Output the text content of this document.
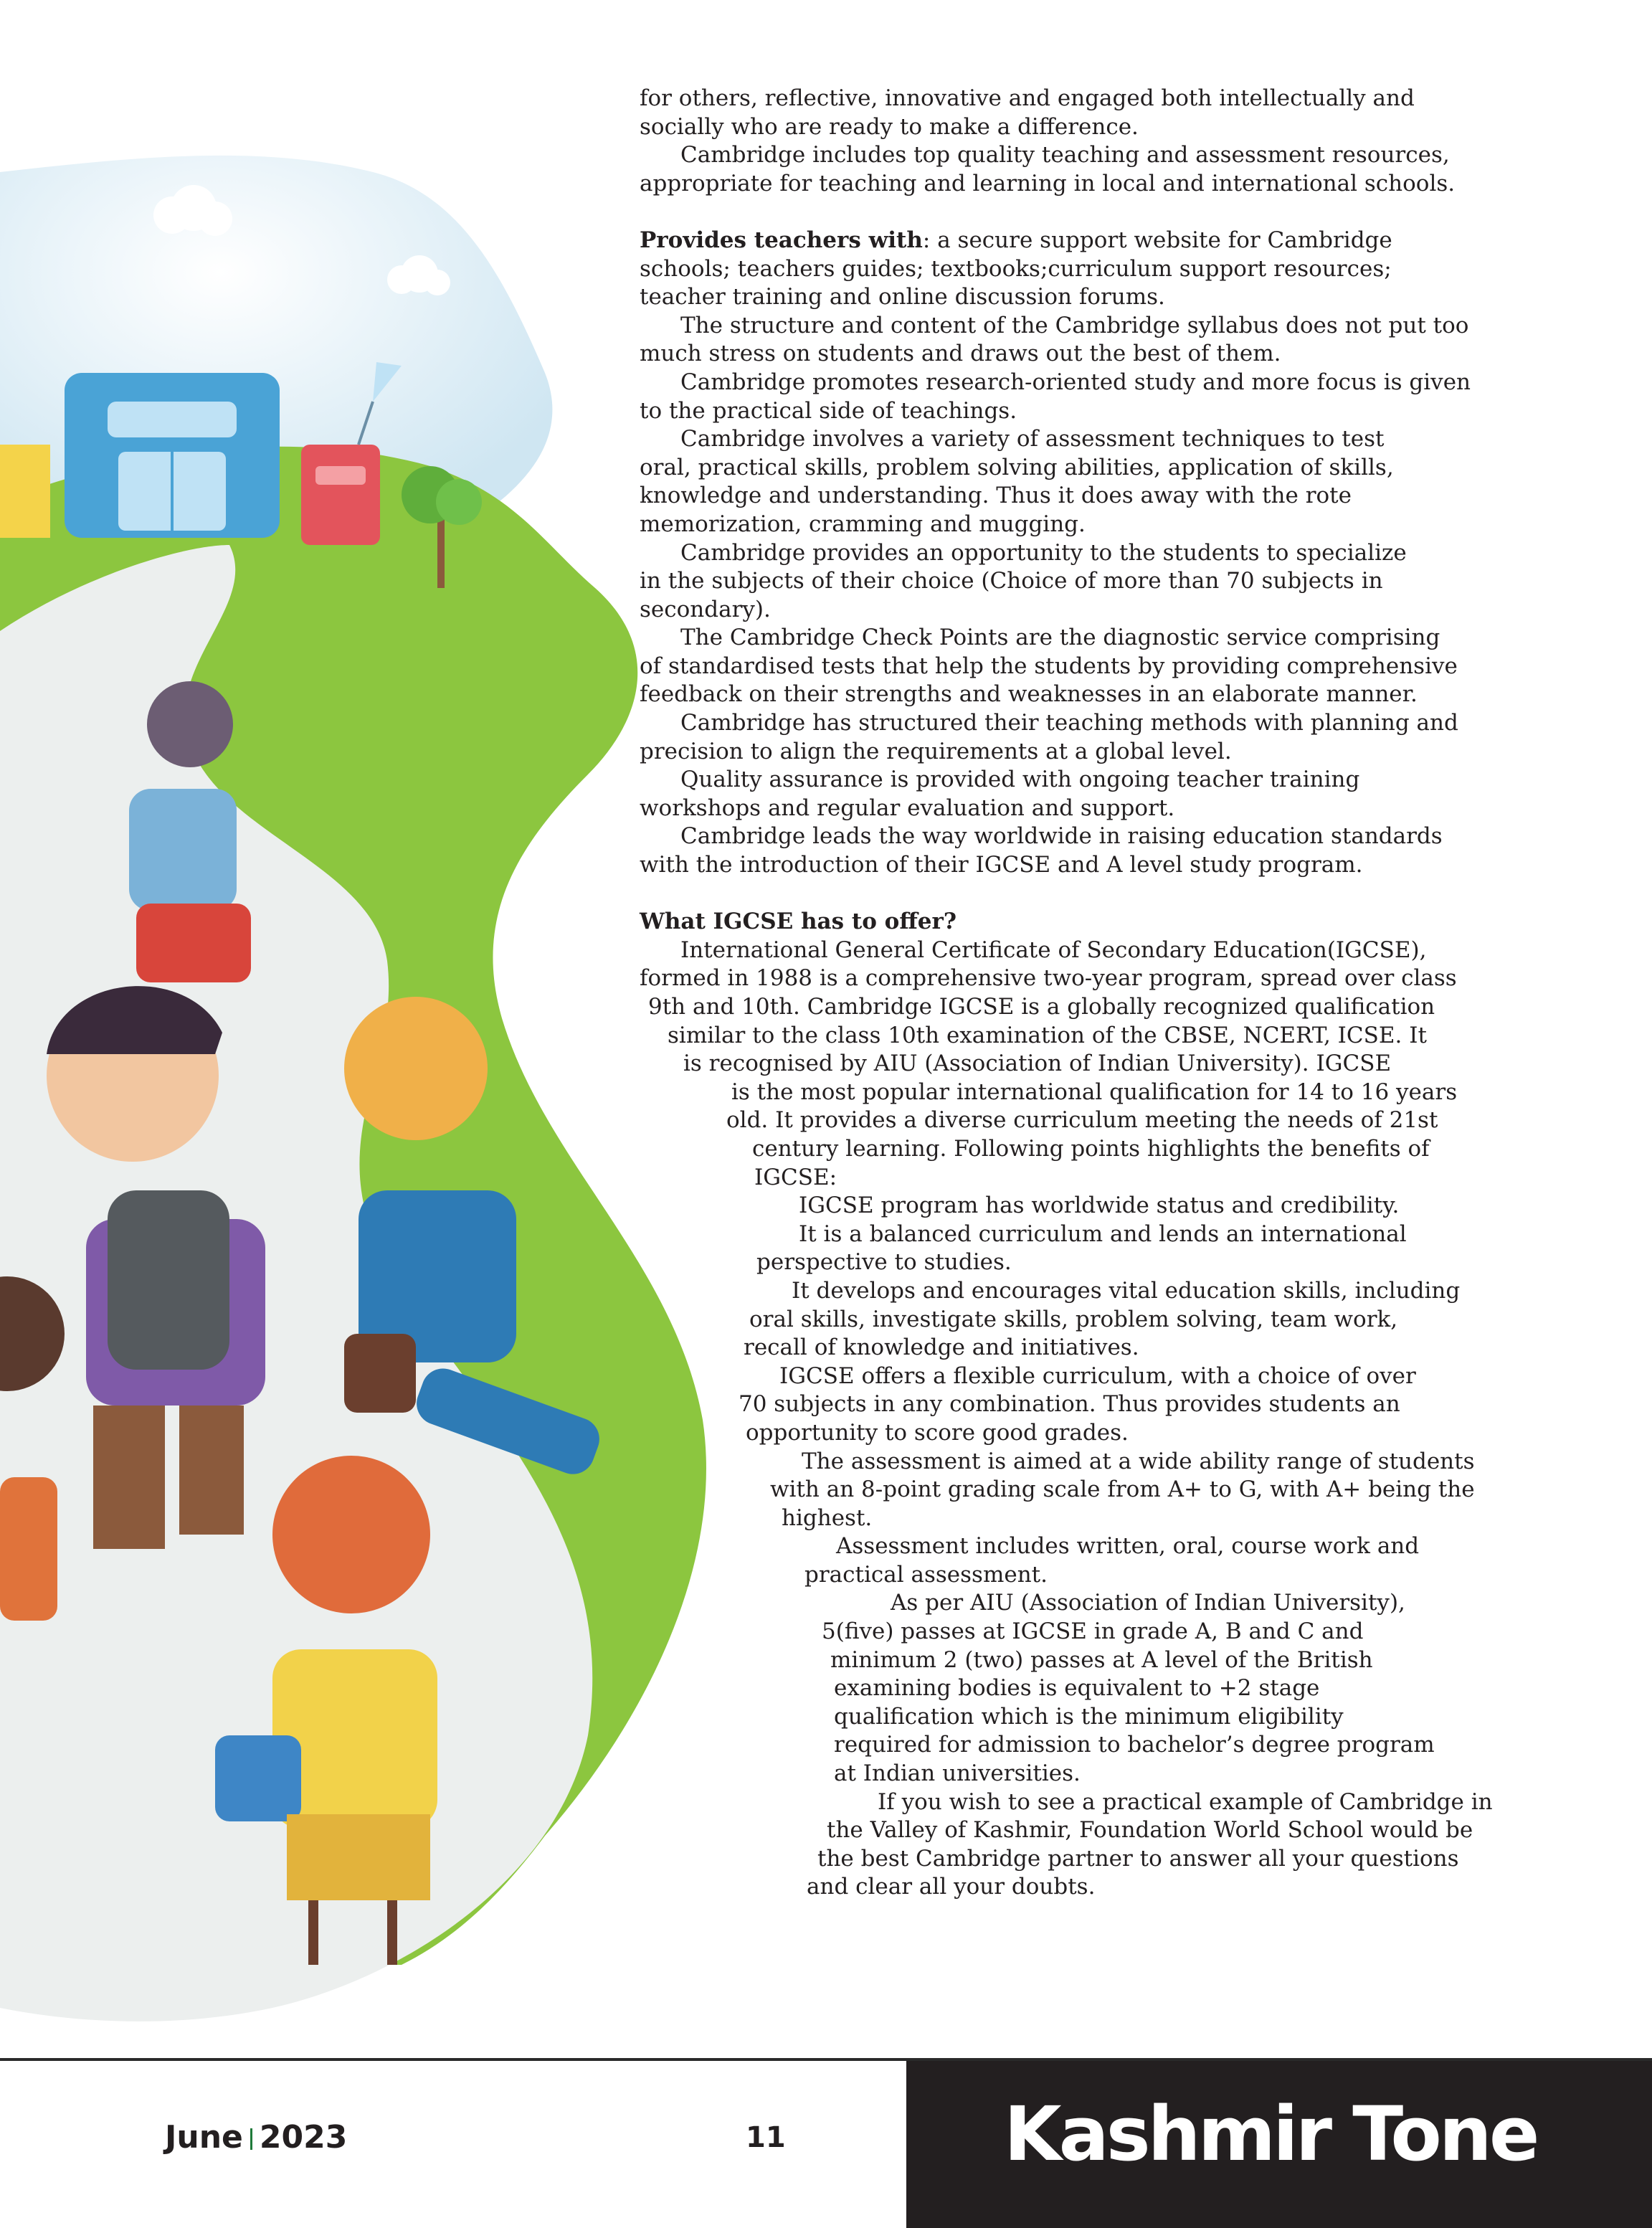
for others, reflective, innovative and engaged both intellectually and
socially who are ready to make a difference.
Cambridge includes top quality teaching and assessment resources,
appropriate for teaching and learning in local and international schools.
Provides teachers with: a secure support website for Cambridge
schools; teachers guides; textbooks;curriculum support resources;
teacher training and online discussion forums.
The structure and content of the Cambridge syllabus does not put too
much stress on students and draws out the best of them.
Cambridge promotes research-oriented study and more focus is given
to the practical side of teachings.
Cambridge involves a variety of assessment techniques to test
oral, practical skills, problem solving abilities, application of skills,
knowledge and understanding. Thus it does away with the rote
memorization, cramming and mugging.
Cambridge provides an opportunity to the students to specialize
in the subjects of their choice (Choice of more than 70 subjects in
secondary).
The Cambridge Check Points are the diagnostic service comprising
of standardised tests that help the students by providing comprehensive
feedback on their strengths and weaknesses in an elaborate manner.
Cambridge has structured their teaching methods with planning and
precision to align the requirements at a global level.
Quality assurance is provided with ongoing teacher training
workshops and regular evaluation and support.
Cambridge leads the way worldwide in raising education standards
with the introduction of their IGCSE and A level study program.
What IGCSE has to offer?
International General Certificate of Secondary Education(IGCSE),
formed in 1988 is a comprehensive two-year program, spread over class
9th and 10th. Cambridge IGCSE is a globally recognized qualification
similar to the class 10th examination of the CBSE, NCERT, ICSE. It
is recognised by AIU (Association of Indian University). IGCSE
is the most popular international qualification for 14 to 16 years
old. It provides a diverse curriculum meeting the needs of 21st
century learning. Following points highlights the benefits of
IGCSE:
IGCSE program has worldwide status and credibility.
It is a balanced curriculum and lends an international
perspective to studies.
It develops and encourages vital education skills, including
oral skills, investigate skills, problem solving, team work,
recall of knowledge and initiatives.
IGCSE offers a flexible curriculum, with a choice of over
70 subjects in any combination. Thus provides students an
opportunity to score good grades.
The assessment is aimed at a wide ability range of students
with an 8-point grading scale from A+ to G, with A+ being the
highest.
Assessment includes written, oral, course work and
practical assessment.
As per AIU (Association of Indian University),
5(five) passes at IGCSE in grade A, B and C and
minimum 2 (two) passes at A level of the British
examining bodies is equivalent to +2 stage
qualification which is the minimum eligibility
required for admission to bachelor’s degree program
at Indian universities.
If you wish to see a practical example of Cambridge in
the Valley of Kashmir, Foundation World School would be
the best Cambridge partner to answer all your questions
and clear all your doubts.
June 2023	11	Kashmir Tone
